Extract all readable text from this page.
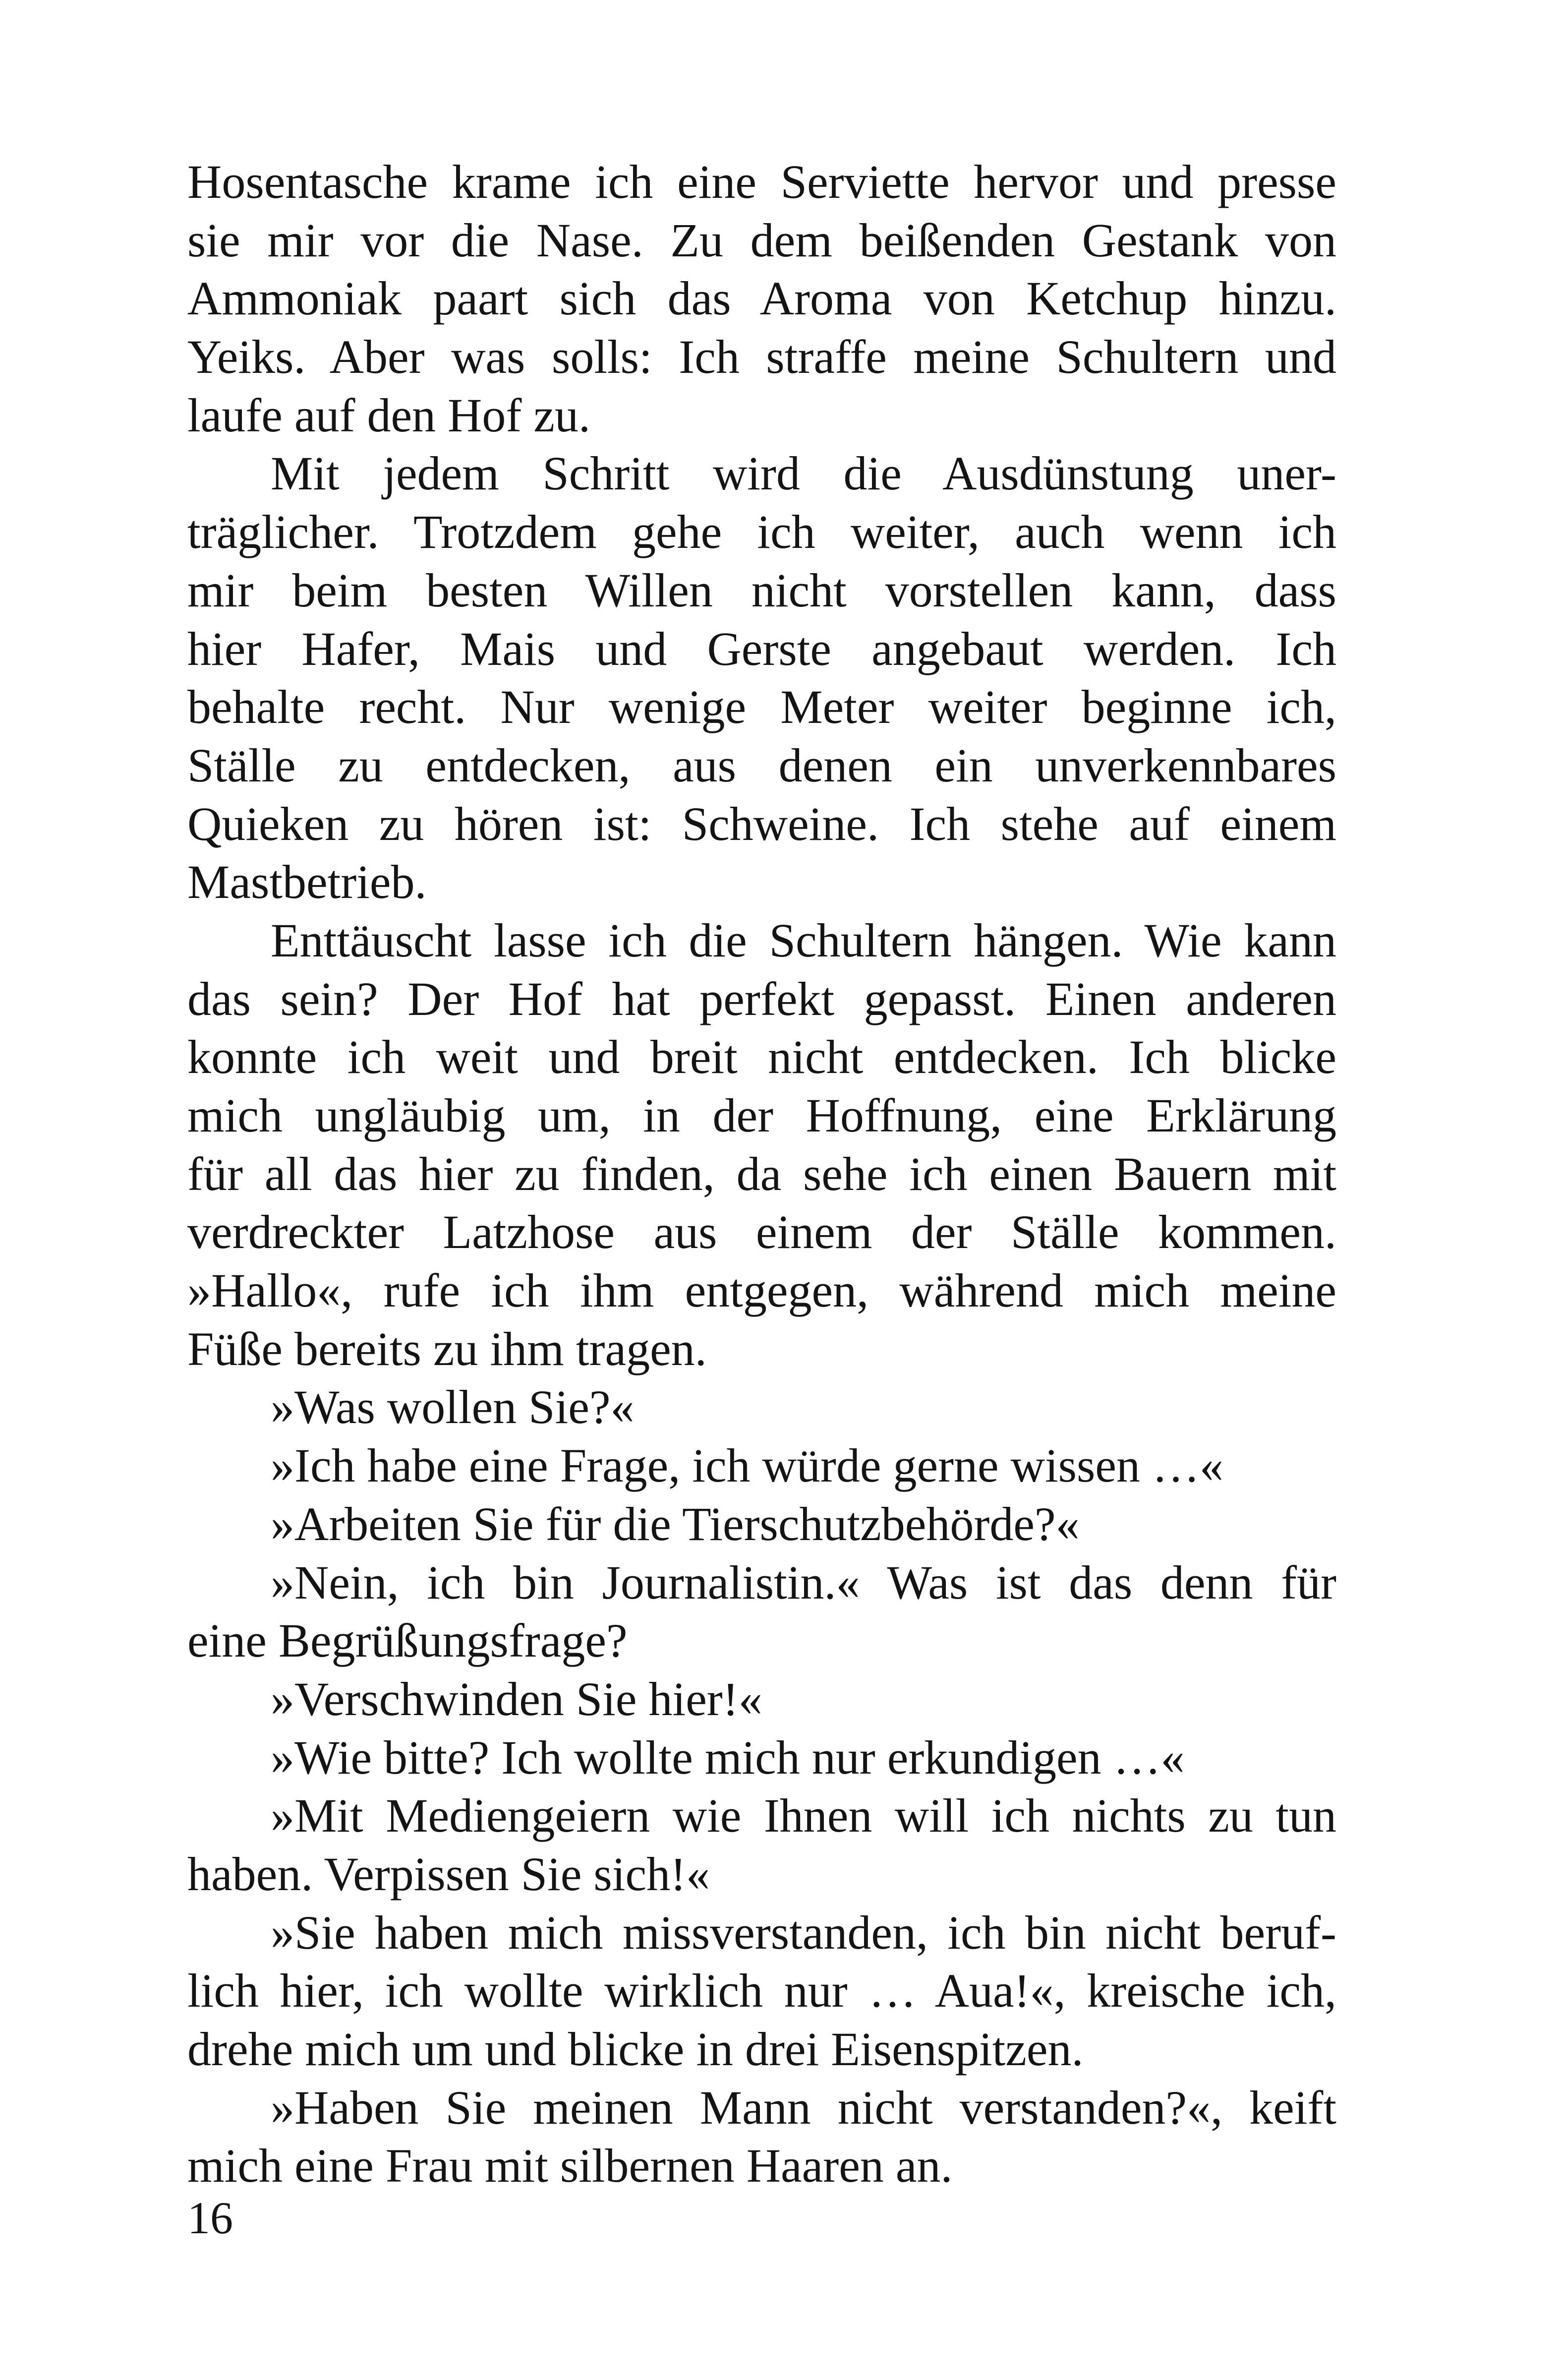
Hosentasche krame ich eine Serviette hervor und presse
sie mir vor die Nase. Zu dem beißenden Gestank von
Ammoniak paart sich das Aroma von Ketchup hinzu.
Yeiks. Aber was solls: Ich straffe meine Schultern und
laufe auf den Hof zu.
Mit jedem Schritt wird die Ausdünstung uner-
träglicher. Trotzdem gehe ich weiter, auch wenn ich
mir beim besten Willen nicht vorstellen kann, dass
hier Hafer, Mais und Gerste angebaut werden. Ich
behalte recht. Nur wenige Meter weiter beginne ich,
Ställe zu entdecken, aus denen ein unverkennbares
Quieken zu hören ist: Schweine. Ich stehe auf einem
Mastbetrieb.
Enttäuscht lasse ich die Schultern hängen. Wie kann
das sein? Der Hof hat perfekt gepasst. Einen anderen
konnte ich weit und breit nicht entdecken. Ich blicke
mich ungläubig um, in der Hoffnung, eine Erklärung
für all das hier zu finden, da sehe ich einen Bauern mit
verdreckter Latzhose aus einem der Ställe kommen.
»Hallo«, rufe ich ihm entgegen, während mich meine
Füße bereits zu ihm tragen.
»Was wollen Sie?«
»Ich habe eine Frage, ich würde gerne wissen …«
»Arbeiten Sie für die Tierschutzbehörde?«
»Nein, ich bin Journalistin.« Was ist das denn für
eine Begrüßungsfrage?
»Verschwinden Sie hier!«
»Wie bitte? Ich wollte mich nur erkundigen …«
»Mit Mediengeiern wie Ihnen will ich nichts zu tun
haben. Verpissen Sie sich!«
»Sie haben mich missverstanden, ich bin nicht beruf-
lich hier, ich wollte wirklich nur … Aua!«, kreische ich,
drehe mich um und blicke in drei Eisenspitzen.
»Haben Sie meinen Mann nicht verstanden?«, keift
mich eine Frau mit silbernen Haaren an.
16
